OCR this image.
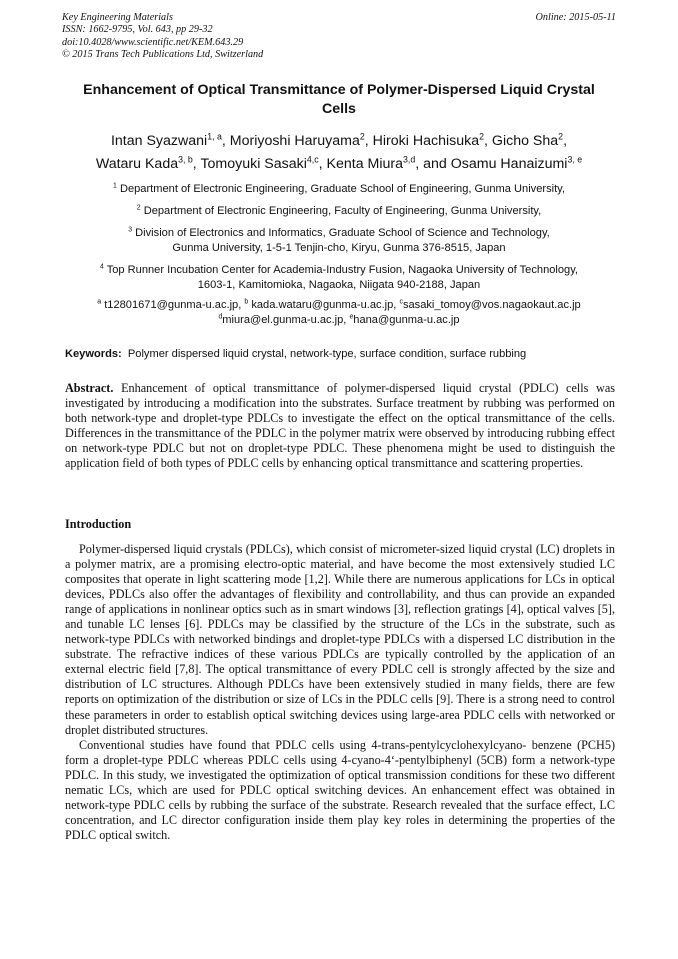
Key Engineering Materials
ISSN: 1662-9795, Vol. 643, pp 29-32
doi:10.4028/www.scientific.net/KEM.643.29
© 2015 Trans Tech Publications Ltd, Switzerland
Online: 2015-05-11
Enhancement of Optical Transmittance of Polymer-Dispersed Liquid Crystal Cells
Intan Syazwani$^{1, a}$, Moriyoshi Haruyama$^2$, Hiroki Hachisuka$^2$, Gicho Sha$^2$,
Wataru Kada$^{3, b}$, Tomoyuki Sasaki$^{4,c}$, Kenta Miura$^{3,d}$, and Osamu Hanaizumi$^{3, e}$
$^1$ Department of Electronic Engineering, Graduate School of Engineering, Gunma University,
$^2$ Department of Electronic Engineering, Faculty of Engineering, Gunma University,
$^3$ Division of Electronics and Informatics, Graduate School of Science and Technology,
Gunma University, 1-5-1 Tenjin-cho, Kiryu, Gunma 376-8515, Japan
$^4$ Top Runner Incubation Center for Academia-Industry Fusion, Nagaoka University of Technology,
1603-1, Kamitomioka, Nagaoka, Niigata 940-2188, Japan
$^a$ t12801671@gunma-u.ac.jp, $^b$ kada.wataru@gunma-u.ac.jp, $^c$sasaki_tomoy@vos.nagaokaut.ac.jp
$^d$miura@el.gunma-u.ac.jp, $^e$hana@gunma-u.ac.jp
Keywords: Polymer dispersed liquid crystal, network-type, surface condition, surface rubbing
Abstract. Enhancement of optical transmittance of polymer-dispersed liquid crystal (PDLC) cells was investigated by introducing a modification into the substrates. Surface treatment by rubbing was performed on both network-type and droplet-type PDLCs to investigate the effect on the optical transmittance of the cells. Differences in the transmittance of the PDLC in the polymer matrix were observed by introducing rubbing effect on network-type PDLC but not on droplet-type PDLC. These phenomena might be used to distinguish the application field of both types of PDLC cells by enhancing optical transmittance and scattering properties.
Introduction

Polymer-dispersed liquid crystals (PDLCs), which consist of micrometer-sized liquid crystal (LC) droplets in a polymer matrix, are a promising electro-optic material, and have become the most extensively studied LC composites that operate in light scattering mode [1,2]. While there are numerous applications for LCs in optical devices, PDLCs also offer the advantages of flexibility and controllability, and thus can provide an expanded range of applications in nonlinear optics such as in smart windows [3], reflection gratings [4], optical valves [5], and tunable LC lenses [6]. PDLCs may be classified by the structure of the LCs in the substrate, such as network-type PDLCs with networked bindings and droplet-type PDLCs with a dispersed LC distribution in the substrate. The refractive indices of these various PDLCs are typically controlled by the application of an external electric field [7,8]. The optical transmittance of every PDLC cell is strongly affected by the size and distribution of LC structures. Although PDLCs have been extensively studied in many fields, there are few reports on optimization of the distribution or size of LCs in the PDLC cells [9]. There is a strong need to control these parameters in order to establish optical switching devices using large-area PDLC cells with networked or droplet distributed structures.

Conventional studies have found that PDLC cells using 4-trans-pentylcyclohexylcyano- benzene (PCH5) form a droplet-type PDLC whereas PDLC cells using 4-cyano-4‘-pentylbiphenyl (5CB) form a network-type PDLC. In this study, we investigated the optimization of optical transmission conditions for these two different nematic LCs, which are used for PDLC optical switching devices. An enhancement effect was obtained in network-type PDLC cells by rubbing the surface of the substrate. Research revealed that the surface effect, LC concentration, and LC director configuration inside them play key roles in determining the properties of the PDLC optical switch.
